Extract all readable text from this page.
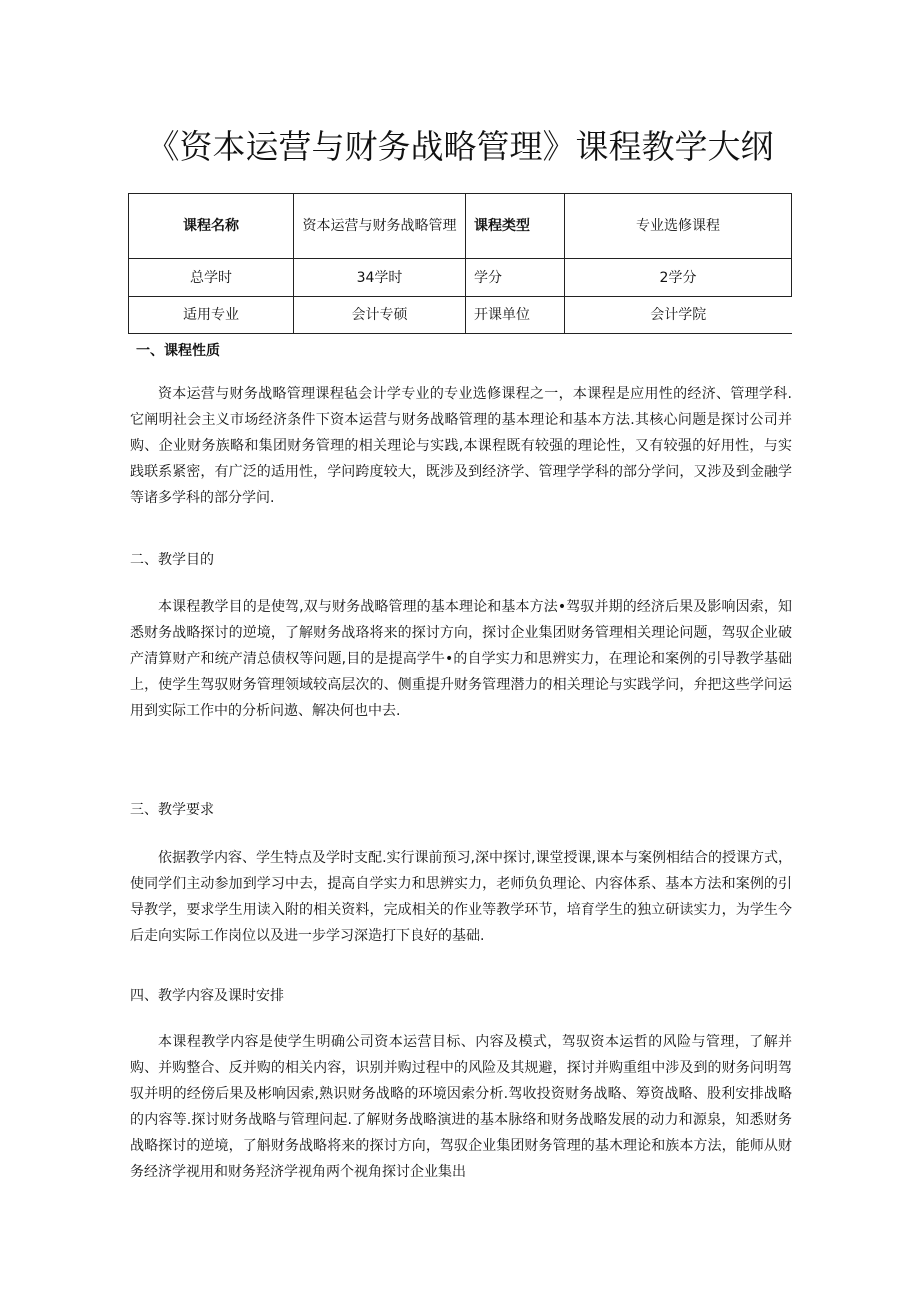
《资本运营与财务战略管理》课程教学大纲
课程名称	资本运营与财务战略管理	课程类型	专业选修课程
总学时	34学时	学分	2学分
适用专业	会计专硕	开课单位	会计学院
一、课程性质

资本运营与财务战略管理课程毡会计学专业的专业选修课程之一，本课程是应用性的经济、管理学科.它阐明社会主义市场经济条件下资本运营与财务战略管理的基本理论和基本方法.其核心问题是探讨公司并购、企业财务族略和集团财务管理的相关理论与实践,本课程既有较强的理论性，又有较强的好用性，与实践联系紧密，有广泛的适用性，学问跨度较大，既涉及到经济学、管理学学科的部分学问，又涉及到金融学等诸多学科的部分学问.

二、教学目的

本课程教学目的是使驾,双与财务战略管理的基本理论和基本方法•驾驭并期的经济后果及影响因索，知悉财务战略探讨的逆境，了解财务战珞将来的探讨方向，探讨企业集团财务管理相关理论问题，驾驭企业破产清算财产和统产清总债权等问题,目的是提高学牛•的自学实力和思辨实力，在理论和案例的引导教学基础上，使学生驾驭财务管理领域较高层次的、侧重提升财务管理潜力的相关理论与实践学问，弁把这些学问运用到实际工作中的分析问遨、解决何也中去.

三、教学要求

依据教学内容、学生特点及学时支配.实行课前预习,深中探讨,课堂授课,课本与案例相结合的授课方式，使同学们主动参加到学习中去，提高自学实力和思辨实力，老师负负理论、内容体系、基本方法和案例的引导教学，要求学生用读入附的相关资料，完成相关的作业等教学环节，培育学生的独立研读实力，为学生今后走向实际工作岗位以及进一步学习深造打下良好的基础.

四、教学内容及课时安排

本课程教学内容是使学生明确公司资本运营目标、内容及模式，驾驭资本运哲的风险与管理，了解并购、并购整合、反并购的相关内容，识别并购过程中的风险及其规避，探讨并购重组中涉及到的财务问明驾驭并明的经傍后果及彬响因索,熟识财务战略的环境因索分析.驾收投资财务战略、筹资战略、股利安排战略的内容等.探讨财务战略与管理问起.了解财务战略演进的基本脉络和财务战略发展的动力和源泉，知悉财务战略探讨的逆境，了斛财务战略将来的探讨方向，驾驭企业集团财务管理的基木理论和族本方法，能师从财务经济学视用和财务羟济学视角两个视角探讨企业集出
